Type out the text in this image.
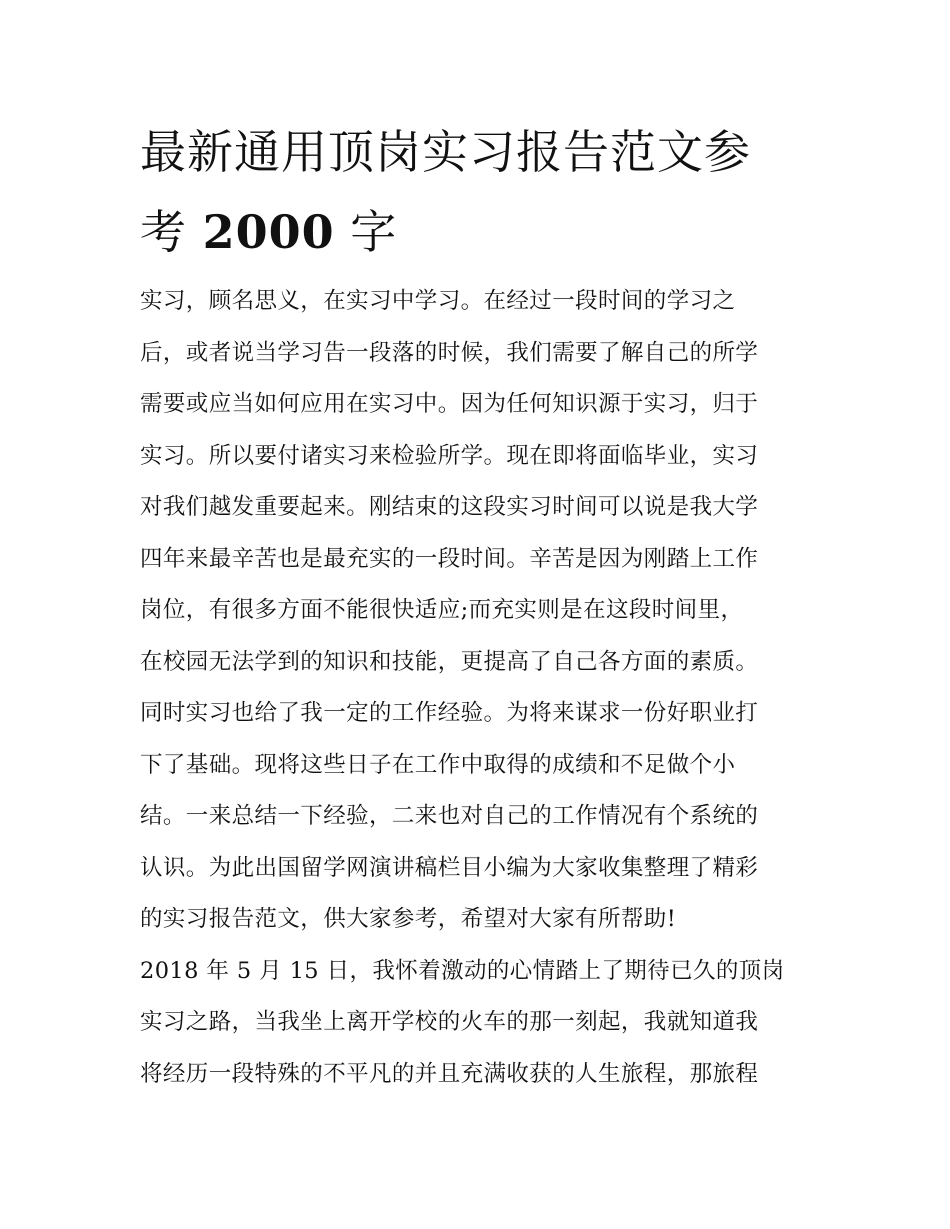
最新通用顶岗实习报告范文参
考 2000 字
实习，顾名思义，在实习中学习。在经过一段时间的学习之
后，或者说当学习告一段落的时候，我们需要了解自己的所学
需要或应当如何应用在实习中。因为任何知识源于实习，归于
实习。所以要付诸实习来检验所学。现在即将面临毕业，实习
对我们越发重要起来。刚结束的这段实习时间可以说是我大学
四年来最辛苦也是最充实的一段时间。辛苦是因为刚踏上工作
岗位，有很多方面不能很快适应;而充实则是在这段时间里，
在校园无法学到的知识和技能，更提高了自己各方面的素质。
同时实习也给了我一定的工作经验。为将来谋求一份好职业打
下了基础。现将这些日子在工作中取得的成绩和不足做个小
结。一来总结一下经验，二来也对自己的工作情况有个系统的
认识。为此出国留学网演讲稿栏目小编为大家收集整理了精彩
的实习报告范文，供大家参考，希望对大家有所帮助!
2018 年 5 月 15 日，我怀着激动的心情踏上了期待已久的顶岗
实习之路，当我坐上离开学校的火车的那一刻起，我就知道我
将经历一段特殊的不平凡的并且充满收获的人生旅程，那旅程
